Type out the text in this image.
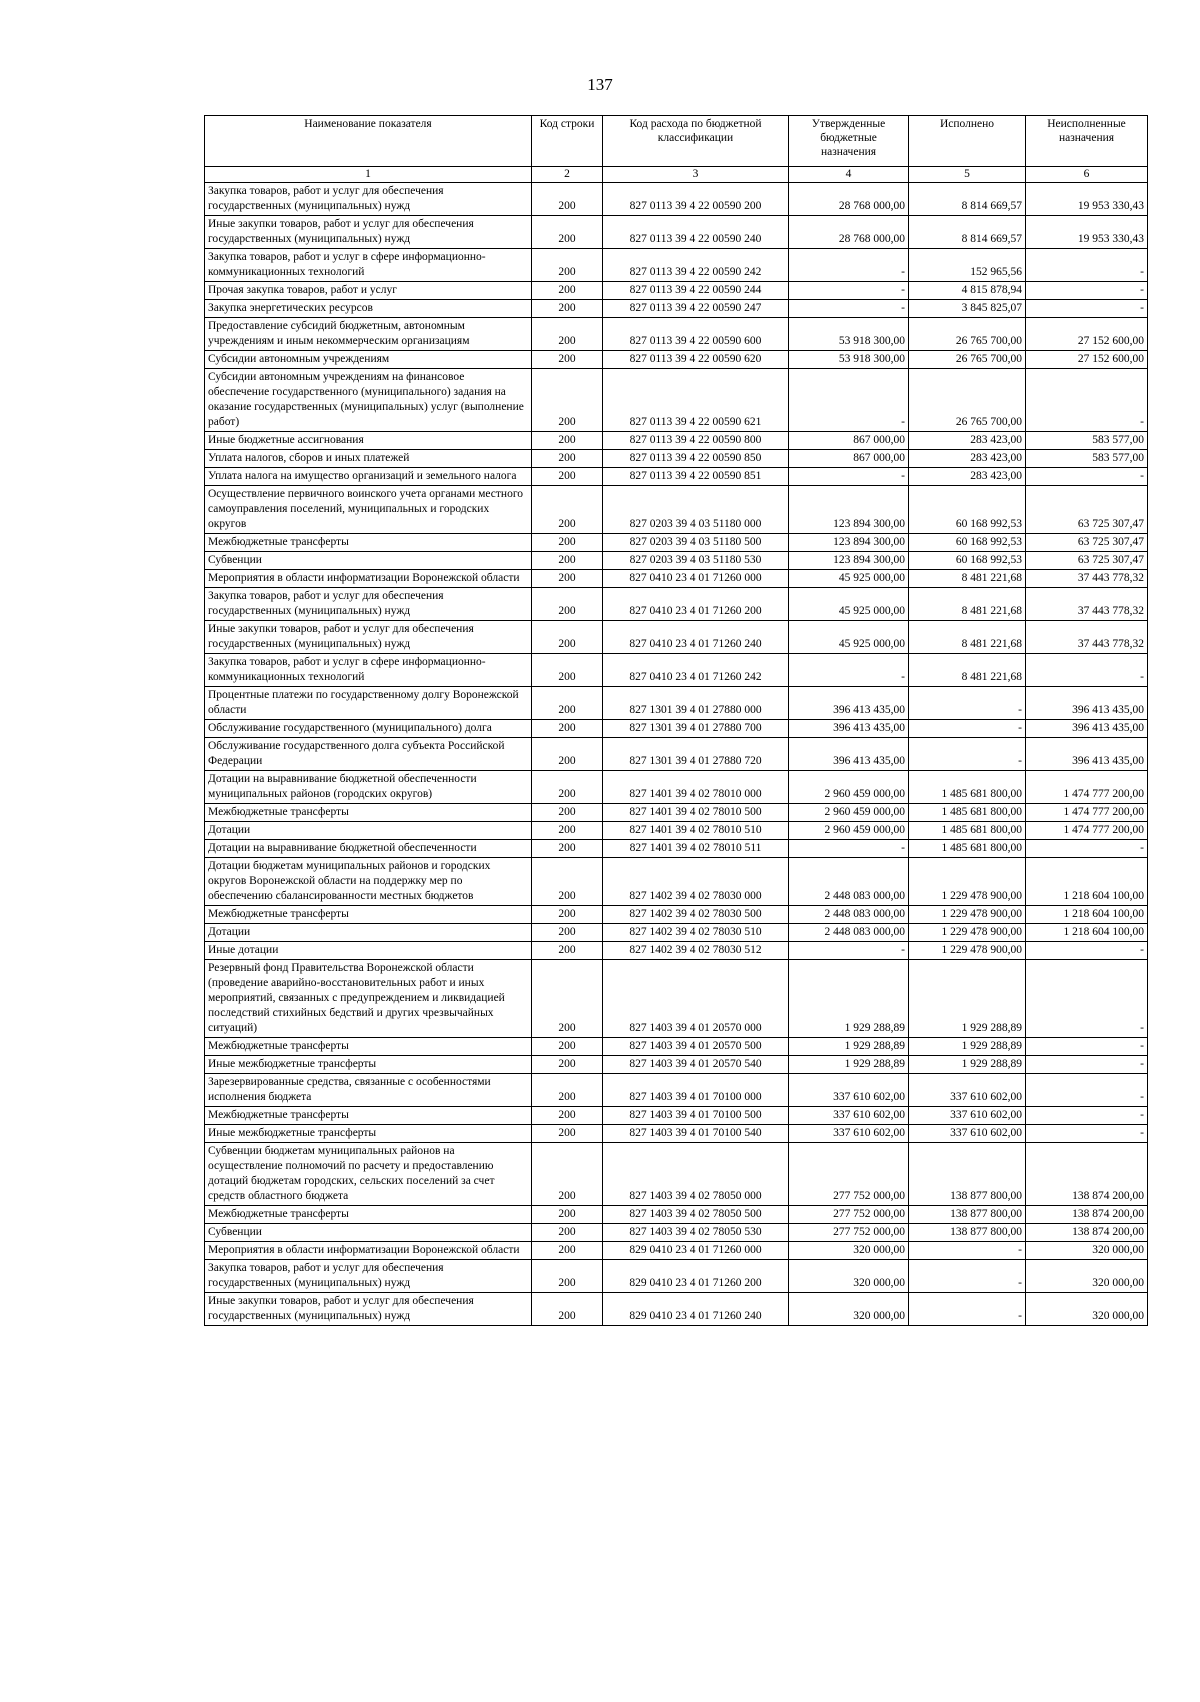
137
Наименование показателя	Код строки	Код расхода по бюджетной классификации	Утвержденные бюджетные назначения	Исполнено	Неисполненные назначения
1	2	3	4	5	6
Закупка товаров, работ и услуг для обеспечения государственных (муниципальных) нужд	200	827 0113 39 4 22 00590 200	28 768 000,00	8 814 669,57	19 953 330,43
Иные закупки товаров, работ и услуг для обеспечения государственных (муниципальных) нужд	200	827 0113 39 4 22 00590 240	28 768 000,00	8 814 669,57	19 953 330,43
Закупка товаров, работ и услуг в сфере информационно-коммуникационных технологий	200	827 0113 39 4 22 00590 242	-	152 965,56	-
Прочая закупка товаров, работ и услуг	200	827 0113 39 4 22 00590 244	-	4 815 878,94	-
Закупка энергетических ресурсов	200	827 0113 39 4 22 00590 247	-	3 845 825,07	-
Предоставление субсидий бюджетным, автономным учреждениям и иным некоммерческим организациям	200	827 0113 39 4 22 00590 600	53 918 300,00	26 765 700,00	27 152 600,00
Субсидии автономным учреждениям	200	827 0113 39 4 22 00590 620	53 918 300,00	26 765 700,00	27 152 600,00
Субсидии автономным учреждениям на финансовое обеспечение государственного (муниципального) задания на оказание государственных (муниципальных) услуг (выполнение работ)	200	827 0113 39 4 22 00590 621	-	26 765 700,00	-
Иные бюджетные ассигнования	200	827 0113 39 4 22 00590 800	867 000,00	283 423,00	583 577,00
Уплата налогов, сборов и иных платежей	200	827 0113 39 4 22 00590 850	867 000,00	283 423,00	583 577,00
Уплата налога на имущество организаций и земельного налога	200	827 0113 39 4 22 00590 851	-	283 423,00	-
Осуществление первичного воинского учета органами местного самоуправления поселений, муниципальных и городских округов	200	827 0203 39 4 03 51180 000	123 894 300,00	60 168 992,53	63 725 307,47
Межбюджетные трансферты	200	827 0203 39 4 03 51180 500	123 894 300,00	60 168 992,53	63 725 307,47
Субвенции	200	827 0203 39 4 03 51180 530	123 894 300,00	60 168 992,53	63 725 307,47
Мероприятия в области информатизации Воронежской области	200	827 0410 23 4 01 71260 000	45 925 000,00	8 481 221,68	37 443 778,32
Закупка товаров, работ и услуг для обеспечения государственных (муниципальных) нужд	200	827 0410 23 4 01 71260 200	45 925 000,00	8 481 221,68	37 443 778,32
Иные закупки товаров, работ и услуг для обеспечения государственных (муниципальных) нужд	200	827 0410 23 4 01 71260 240	45 925 000,00	8 481 221,68	37 443 778,32
Закупка товаров, работ и услуг в сфере информационно-коммуникационных технологий	200	827 0410 23 4 01 71260 242	-	8 481 221,68	-
Процентные платежи по государственному долгу Воронежской области	200	827 1301 39 4 01 27880 000	396 413 435,00	-	396 413 435,00
Обслуживание государственного (муниципального) долга	200	827 1301 39 4 01 27880 700	396 413 435,00	-	396 413 435,00
Обслуживание государственного долга субъекта Российской Федерации	200	827 1301 39 4 01 27880 720	396 413 435,00	-	396 413 435,00
Дотации на выравнивание бюджетной обеспеченности муниципальных районов (городских округов)	200	827 1401 39 4 02 78010 000	2 960 459 000,00	1 485 681 800,00	1 474 777 200,00
Межбюджетные трансферты	200	827 1401 39 4 02 78010 500	2 960 459 000,00	1 485 681 800,00	1 474 777 200,00
Дотации	200	827 1401 39 4 02 78010 510	2 960 459 000,00	1 485 681 800,00	1 474 777 200,00
Дотации на выравнивание бюджетной обеспеченности	200	827 1401 39 4 02 78010 511	-	1 485 681 800,00	-
Дотации бюджетам муниципальных районов и городских округов Воронежской области на поддержку мер по обеспечению сбалансированности местных бюджетов	200	827 1402 39 4 02 78030 000	2 448 083 000,00	1 229 478 900,00	1 218 604 100,00
Межбюджетные трансферты	200	827 1402 39 4 02 78030 500	2 448 083 000,00	1 229 478 900,00	1 218 604 100,00
Дотации	200	827 1402 39 4 02 78030 510	2 448 083 000,00	1 229 478 900,00	1 218 604 100,00
Иные дотации	200	827 1402 39 4 02 78030 512	-	1 229 478 900,00	-
Резервный фонд Правительства Воронежской области (проведение аварийно-восстановительных работ и иных мероприятий, связанных с предупреждением и ликвидацией последствий стихийных бедствий и других чрезвычайных ситуаций)	200	827 1403 39 4 01 20570 000	1 929 288,89	1 929 288,89	-
Межбюджетные трансферты	200	827 1403 39 4 01 20570 500	1 929 288,89	1 929 288,89	-
Иные межбюджетные трансферты	200	827 1403 39 4 01 20570 540	1 929 288,89	1 929 288,89	-
Зарезервированные средства, связанные с особенностями исполнения бюджета	200	827 1403 39 4 01 70100 000	337 610 602,00	337 610 602,00	-
Межбюджетные трансферты	200	827 1403 39 4 01 70100 500	337 610 602,00	337 610 602,00	-
Иные межбюджетные трансферты	200	827 1403 39 4 01 70100 540	337 610 602,00	337 610 602,00	-
Субвенции бюджетам муниципальных районов на осуществление полномочий по расчету и предоставлению дотаций бюджетам городских, сельских поселений за счет средств областного бюджета	200	827 1403 39 4 02 78050 000	277 752 000,00	138 877 800,00	138 874 200,00
Межбюджетные трансферты	200	827 1403 39 4 02 78050 500	277 752 000,00	138 877 800,00	138 874 200,00
Субвенции	200	827 1403 39 4 02 78050 530	277 752 000,00	138 877 800,00	138 874 200,00
Мероприятия в области информатизации Воронежской области	200	829 0410 23 4 01 71260 000	320 000,00	-	320 000,00
Закупка товаров, работ и услуг для обеспечения государственных (муниципальных) нужд	200	829 0410 23 4 01 71260 200	320 000,00	-	320 000,00
Иные закупки товаров, работ и услуг для обеспечения государственных (муниципальных) нужд	200	829 0410 23 4 01 71260 240	320 000,00	-	320 000,00
